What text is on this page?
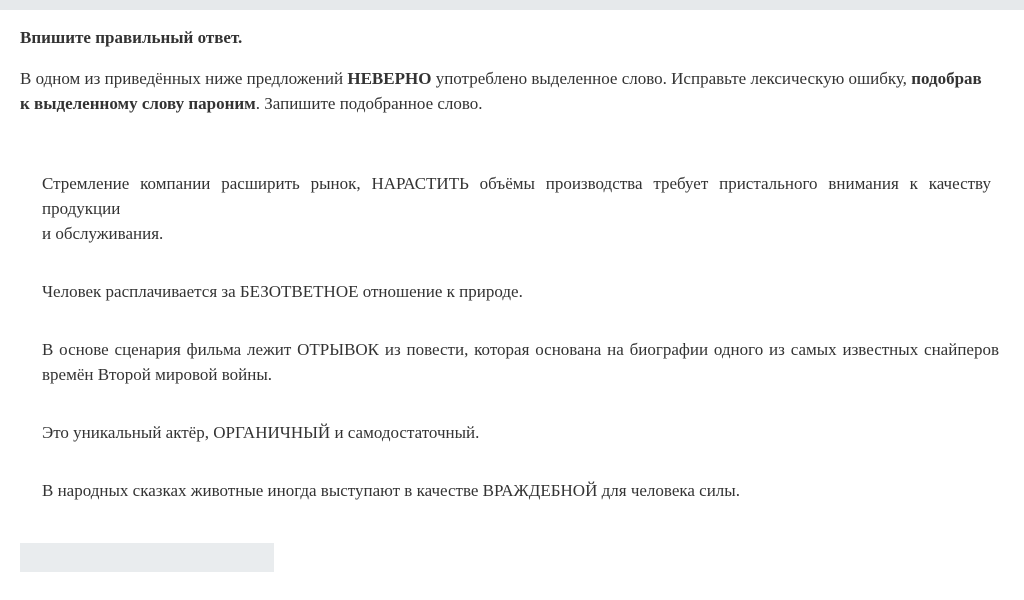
Впишите правильный ответ.

В одном из приведённых ниже предложений НЕВЕРНО употреблено выделенное слово. Исправьте лексическую ошибку, подобрав
к выделенному слову пароним. Запишите подобранное слово.

Стремление компании расширить рынок, НАРАСТИТЬ объёмы производства требует пристального внимания к качеству продукции
и обслуживания.

Человек расплачивается за БЕЗОТВЕТНОЕ отношение к природе.

В основе сценария фильма лежит ОТРЫВОК из повести, которая основана на биографии одного из самых известных снайперов времён Второй мировой войны.

Это уникальный актёр, ОРГАНИЧНЫЙ и самодостаточный.

В народных сказках животные иногда выступают в качестве ВРАЖДЕБНОЙ для человека силы.
